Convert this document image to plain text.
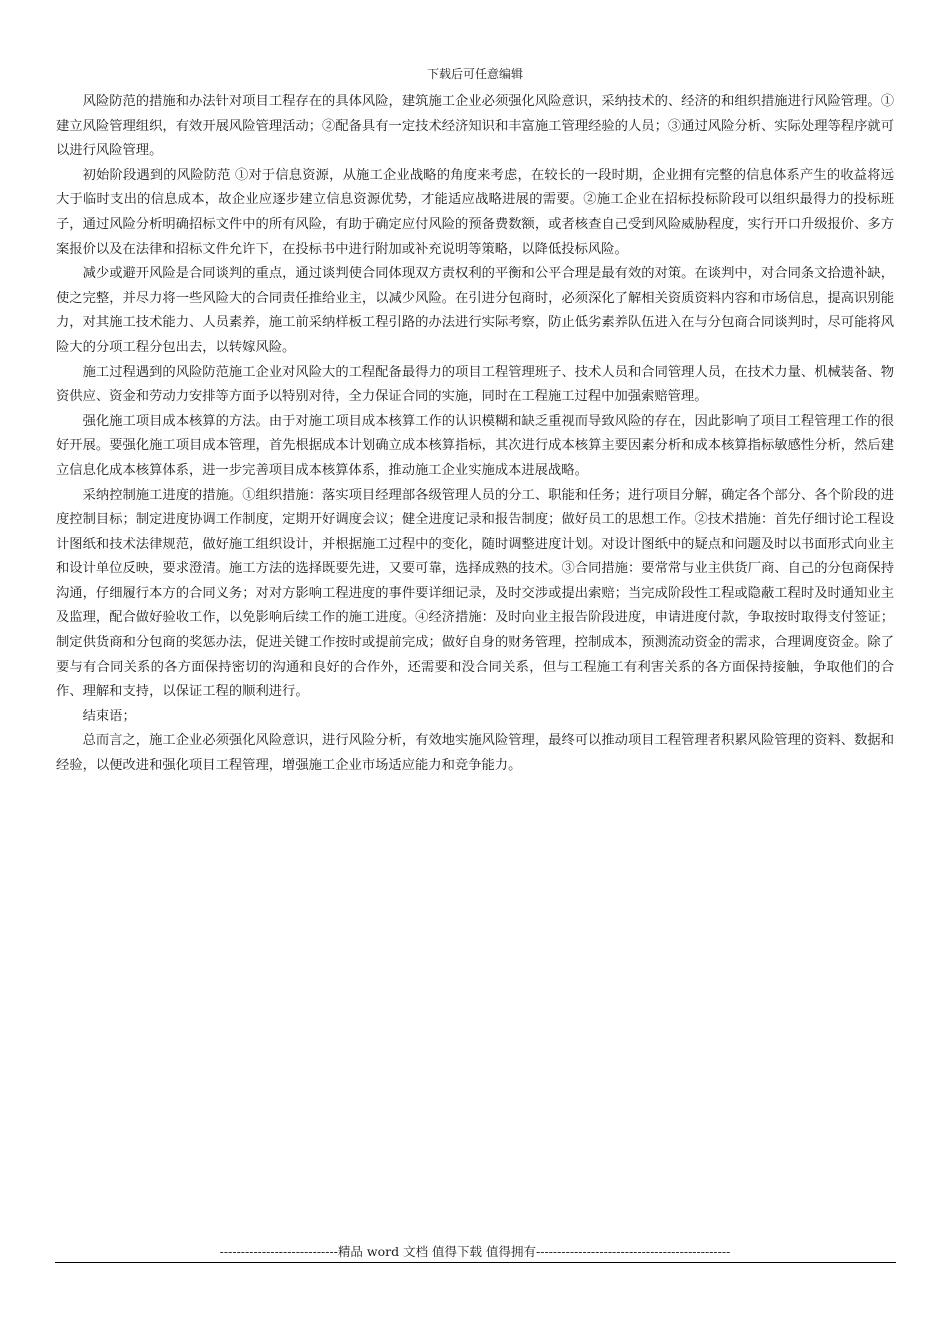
下载后可任意编辑

风险防范的措施和办法针对项目工程存在的具体风险，建筑施工企业必须强化风险意识，采纳技术的、经济的和组织措施进行风险管理。①建立风险管理组织，有效开展风险管理活动；②配备具有一定技术经济知识和丰富施工管理经验的人员；③通过风险分析、实际处理等程序就可以进行风险管理。

初始阶段遇到的风险防范 ①对于信息资源，从施工企业战略的角度来考虑，在较长的一段时期，企业拥有完整的信息体系产生的收益将远大于临时支出的信息成本，故企业应逐步建立信息资源优势，才能适应战略进展的需要。②施工企业在招标投标阶段可以组织最得力的投标班子，通过风险分析明确招标文件中的所有风险，有助于确定应付风险的预备费数额，或者核查自己受到风险威胁程度，实行开口升级报价、多方案报价以及在法律和招标文件允许下，在投标书中进行附加或补充说明等策略，以降低投标风险。

减少或避开风险是合同谈判的重点，通过谈判使合同体现双方责权利的平衡和公平合理是最有效的对策。在谈判中，对合同条文拾遗补缺，使之完整，并尽力将一些风险大的合同责任推给业主，以减少风险。在引进分包商时，必须深化了解相关资质资料内容和市场信息，提高识别能力，对其施工技术能力、人员素养，施工前采纳样板工程引路的办法进行实际考察，防止低劣素养队伍进入在与分包商合同谈判时，尽可能将风险大的分项工程分包出去，以转嫁风险。

施工过程遇到的风险防范施工企业对风险大的工程配备最得力的项目工程管理班子、技术人员和合同管理人员，在技术力量、机械装备、物资供应、资金和劳动力安排等方面予以特别对待，全力保证合同的实施，同时在工程施工过程中加强索赔管理。

强化施工项目成本核算的方法。由于对施工项目成本核算工作的认识模糊和缺乏重视而导致风险的存在，因此影响了项目工程管理工作的很好开展。要强化施工项目成本管理，首先根据成本计划确立成本核算指标，其次进行成本核算主要因素分析和成本核算指标敏感性分析，然后建立信息化成本核算体系，进一步完善项目成本核算体系，推动施工企业实施成本进展战略。

采纳控制施工进度的措施。①组织措施：落实项目经理部各级管理人员的分工、职能和任务；进行项目分解，确定各个部分、各个阶段的进度控制目标；制定进度协调工作制度，定期开好调度会议；健全进度记录和报告制度；做好员工的思想工作。②技术措施：首先仔细讨论工程设计图纸和技术法律规范，做好施工组织设计，并根据施工过程中的变化，随时调整进度计划。对设计图纸中的疑点和问题及时以书面形式向业主和设计单位反映，要求澄清。施工方法的选择既要先进，又要可靠，选择成熟的技术。③合同措施：要常常与业主供货厂商、自己的分包商保持沟通，仔细履行本方的合同义务；对对方影响工程进度的事件要详细记录，及时交涉或提出索赔；当完成阶段性工程或隐蔽工程时及时通知业主及监理，配合做好验收工作，以免影响后续工作的施工进度。④经济措施：及时向业主报告阶段进度，申请进度付款，争取按时取得支付签证；制定供货商和分包商的奖惩办法，促进关键工作按时或提前完成；做好自身的财务管理，控制成本，预测流动资金的需求，合理调度资金。除了要与有合同关系的各方面保持密切的沟通和良好的合作外，还需要和没合同关系，但与工程施工有利害关系的各方面保持接触，争取他们的合作、理解和支持，以保证工程的顺利进行。

结束语；

总而言之，施工企业必须强化风险意识，进行风险分析，有效地实施风险管理，最终可以推动项目工程管理者积累风险管理的资料、数据和经验，以便改进和强化项目工程管理，增强施工企业市场适应能力和竞争能力。

----------------------------精品 word 文档 值得下载 值得拥有----------------------------------------------
